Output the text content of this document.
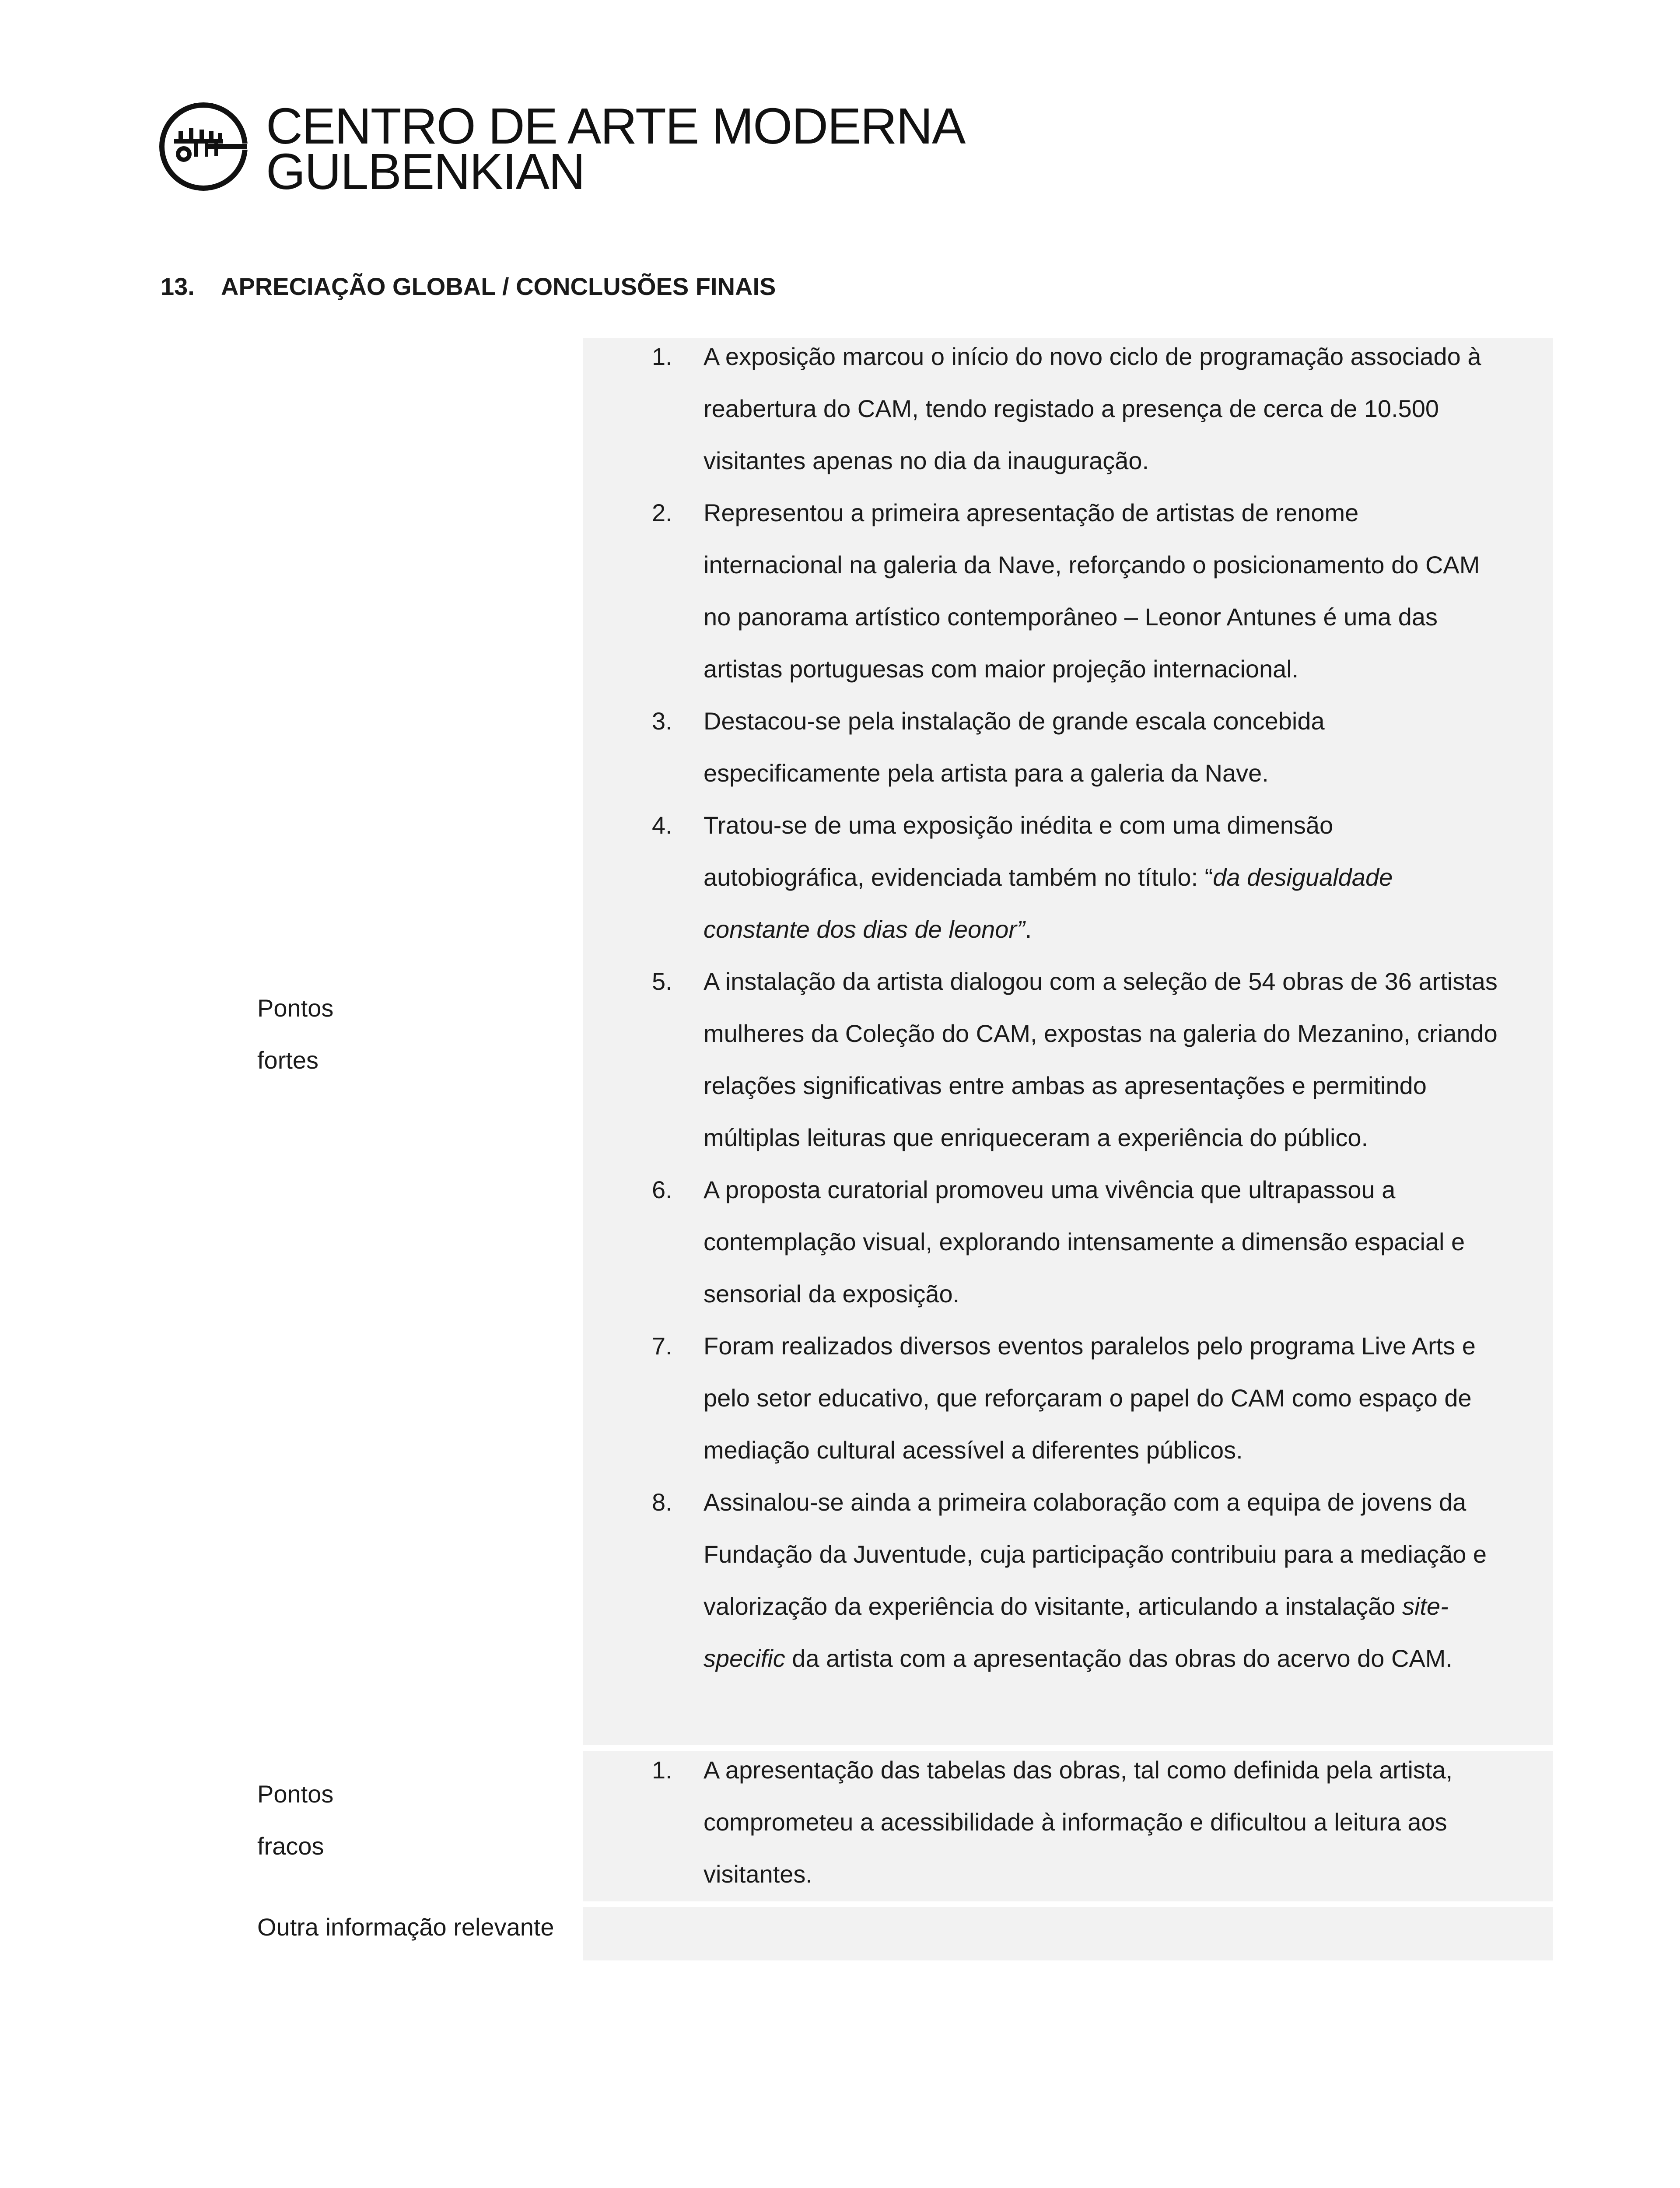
CENTRO DE ARTE MODERNA
GULBENKIAN
13. APRECIAÇÃO GLOBAL / CONCLUSÕES FINAIS
Pontos
fortes
Pontos
fracos
Outra informação relevante
1. A exposição marcou o início do novo ciclo de programação associado à
reabertura do CAM, tendo registado a presença de cerca de 10.500
visitantes apenas no dia da inauguração.
2. Representou a primeira apresentação de artistas de renome
internacional na galeria da Nave, reforçando o posicionamento do CAM
no panorama artístico contemporâneo – Leonor Antunes é uma das
artistas portuguesas com maior projeção internacional.
3. Destacou-se pela instalação de grande escala concebida
especificamente pela artista para a galeria da Nave.
4. Tratou-se de uma exposição inédita e com uma dimensão
autobiográfica, evidenciada também no título: “da desigualdade
constante dos dias de leonor”.
5. A instalação da artista dialogou com a seleção de 54 obras de 36 artistas
mulheres da Coleção do CAM, expostas na galeria do Mezanino, criando
relações significativas entre ambas as apresentações e permitindo
múltiplas leituras que enriqueceram a experiência do público.
6. A proposta curatorial promoveu uma vivência que ultrapassou a
contemplação visual, explorando intensamente a dimensão espacial e
sensorial da exposição.
7. Foram realizados diversos eventos paralelos pelo programa Live Arts e
pelo setor educativo, que reforçaram o papel do CAM como espaço de
mediação cultural acessível a diferentes públicos.
8. Assinalou-se ainda a primeira colaboração com a equipa de jovens da
Fundação da Juventude, cuja participação contribuiu para a mediação e
valorização da experiência do visitante, articulando a instalação site-
specific da artista com a apresentação das obras do acervo do CAM.
1. A apresentação das tabelas das obras, tal como definida pela artista,
comprometeu a acessibilidade à informação e dificultou a leitura aos
visitantes.
